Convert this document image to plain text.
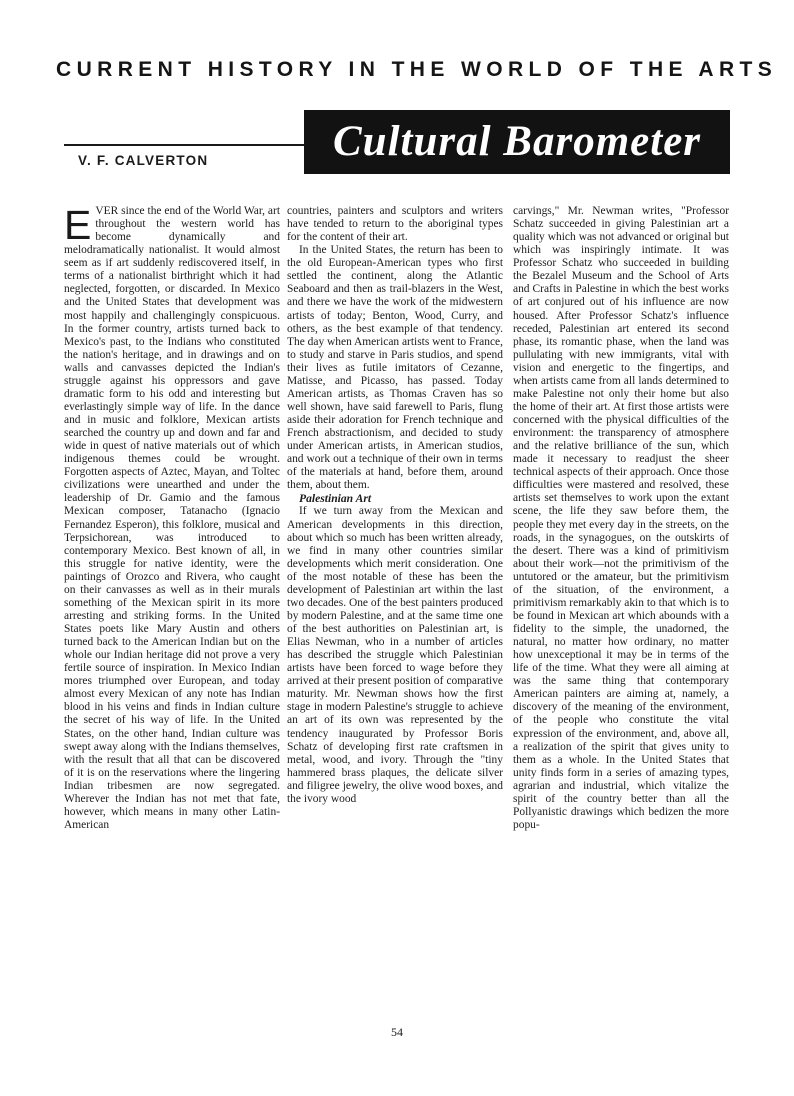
CURRENT HISTORY IN THE WORLD OF THE ARTS

V. F. CALVERTON	Cultural Barometer

EVER since the end of the World War, art throughout the western world has become dynamically and melodramatically nationalist. It would almost seem as if art suddenly rediscovered itself, in terms of a nationalist birthright which it had neglected, forgotten, or discarded. In Mexico and the United States that development was most happily and challengingly conspicuous. In the former country, artists turned back to Mexico's past, to the Indians who constituted the nation's heritage, and in drawings and on walls and canvasses depicted the Indian's struggle against his oppressors and gave dramatic form to his odd and interesting but everlastingly simple way of life. In the dance and in music and folklore, Mexican artists searched the country up and down and far and wide in quest of native materials out of which indigenous themes could be wrought. Forgotten aspects of Aztec, Mayan, and Toltec civilizations were unearthed and under the leadership of Dr. Gamio and the famous Mexican composer, Tatanacho (Ignacio Fernandez Esperon), this folklore, musical and Terpsichorean, was introduced to contemporary Mexico. Best known of all, in this struggle for native identity, were the paintings of Orozco and Rivera, who caught on their canvasses as well as in their murals something of the Mexican spirit in its more arresting and striking forms. In the United States poets like Mary Austin and others turned back to the American Indian but on the whole our Indian heritage did not prove a very fertile source of inspiration. In Mexico Indian mores triumphed over European, and today almost every Mexican of any note has Indian blood in his veins and finds in Indian culture the secret of his way of life. In the United States, on the other hand, Indian culture was swept away along with the Indians themselves, with the result that all that can be discovered of it is on the reservations where the lingering Indian tribesmen are now segregated. Wherever the Indian has not met that fate, however, which means in many other Latin-American

countries, painters and sculptors and writers have tended to return to the aboriginal types for the content of their art.

In the United States, the return has been to the old European-American types who first settled the continent, along the Atlantic Seaboard and then as trail-blazers in the West, and there we have the work of the midwestern artists of today; Benton, Wood, Curry, and others, as the best example of that tendency. The day when American artists went to France, to study and starve in Paris studios, and spend their lives as futile imitators of Cezanne, Matisse, and Picasso, has passed. Today American artists, as Thomas Craven has so well shown, have said farewell to Paris, flung aside their adoration for French technique and French abstractionism, and decided to study under American artists, in American studios, and work out a technique of their own in terms of the materials at hand, before them, around them, about them.

Palestinian Art

If we turn away from the Mexican and American developments in this direction, about which so much has been written already, we find in many other countries similar developments which merit consideration. One of the most notable of these has been the development of Palestinian art within the last two decades. One of the best painters produced by modern Palestine, and at the same time one of the best authorities on Palestinian art, is Elias Newman, who in a number of articles has described the struggle which Palestinian artists have been forced to wage before they arrived at their present position of comparative maturity. Mr. Newman shows how the first stage in modern Palestine's struggle to achieve an art of its own was represented by the tendency inaugurated by Professor Boris Schatz of developing first rate craftsmen in metal, wood, and ivory. Through the "tiny hammered brass plaques, the delicate silver and filigree jewelry, the olive wood boxes, and the ivory wood

carvings," Mr. Newman writes, "Professor Schatz succeeded in giving Palestinian art a quality which was not advanced or original but which was inspiringly intimate. It was Professor Schatz who succeeded in building the Bezalel Museum and the School of Arts and Crafts in Palestine in which the best works of art conjured out of his influence are now housed. After Professor Schatz's influence receded, Palestinian art entered its second phase, its romantic phase, when the land was pullulating with new immigrants, vital with vision and energetic to the fingertips, and when artists came from all lands determined to make Palestine not only their home but also the home of their art. At first those artists were concerned with the physical difficulties of the environment: the transparency of atmosphere and the relative brilliance of the sun, which made it necessary to readjust the sheer technical aspects of their approach. Once those difficulties were mastered and resolved, these artists set themselves to work upon the extant scene, the life they saw before them, the people they met every day in the streets, on the roads, in the synagogues, on the outskirts of the desert. There was a kind of primitivism about their work—not the primitivism of the untutored or the amateur, but the primitivism of the situation, of the environment, a primitivism remarkably akin to that which is to be found in Mexican art which abounds with a fidelity to the simple, the unadorned, the natural, no matter how ordinary, no matter how unexceptional it may be in terms of the life of the time. What they were all aiming at was the same thing that contemporary American painters are aiming at, namely, a discovery of the meaning of the environment, of the people who constitute the vital expression of the environment, and, above all, a realization of the spirit that gives unity to them as a whole. In the United States that unity finds form in a series of amazing types, agrarian and industrial, which vitalize the spirit of the country better than all the Pollyanistic drawings which bedizen the more popu-

54
